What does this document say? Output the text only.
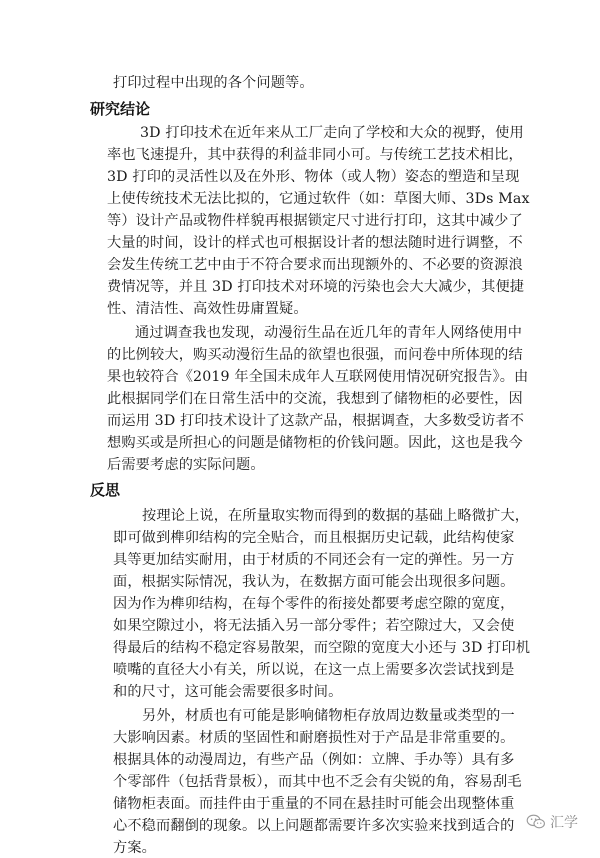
打印过程中出现的各个问题等。
研究结论
3D 打印技术在近年来从工厂走向了学校和大众的视野，使用
率也飞速提升，其中获得的利益非同小可。与传统工艺技术相比，
3D 打印的灵活性以及在外形、物体（或人物）姿态的塑造和呈现
上使传统技术无法比拟的，它通过软件（如：草图大师、3Ds Max
等）设计产品或物件样貌再根据锁定尺寸进行打印，这其中减少了
大量的时间，设计的样式也可根据设计者的想法随时进行调整，不
会发生传统工艺中由于不符合要求而出现额外的、不必要的资源浪
费情况等，并且 3D 打印技术对环境的污染也会大大减少，其便捷
性、清洁性、高效性毋庸置疑。
通过调查我也发现，动漫衍生品在近几年的青年人网络使用中
的比例较大，购买动漫衍生品的欲望也很强，而问卷中所体现的结
果也较符合《2019 年全国未成年人互联网使用情况研究报告》。由
此根据同学们在日常生活中的交流，我想到了储物柜的必要性，因
而运用 3D 打印技术设计了这款产品，根据调查，大多数受访者不
想购买或是所担心的问题是储物柜的价钱问题。因此，这也是我今
后需要考虑的实际问题。
反思
按理论上说，在所量取实物而得到的数据的基础上略微扩大，
即可做到榫卯结构的完全贴合，而且根据历史记载，此结构使家
具等更加结实耐用，由于材质的不同还会有一定的弹性。另一方
面，根据实际情况，我认为，在数据方面可能会出现很多问题。
因为作为榫卯结构，在每个零件的衔接处都要考虑空隙的宽度，
如果空隙过小，将无法插入另一部分零件；若空隙过大，又会使
得最后的结构不稳定容易散架，而空隙的宽度大小还与 3D 打印机
喷嘴的直径大小有关，所以说，在这一点上需要多次尝试找到是
和的尺寸，这可能会需要很多时间。
另外，材质也有可能是影响储物柜存放周边数量或类型的一
大影响因素。材质的坚固性和耐磨损性对于产品是非常重要的。
根据具体的动漫周边，有些产品（例如：立牌、手办等）具有多
个零部件（包括背景板），而其中也不乏会有尖锐的角，容易刮毛
储物柜表面。而挂件由于重量的不同在悬挂时可能会出现整体重
心不稳而翻倒的现象。以上问题都需要许多次实验来找到适合的
方案。
汇学
